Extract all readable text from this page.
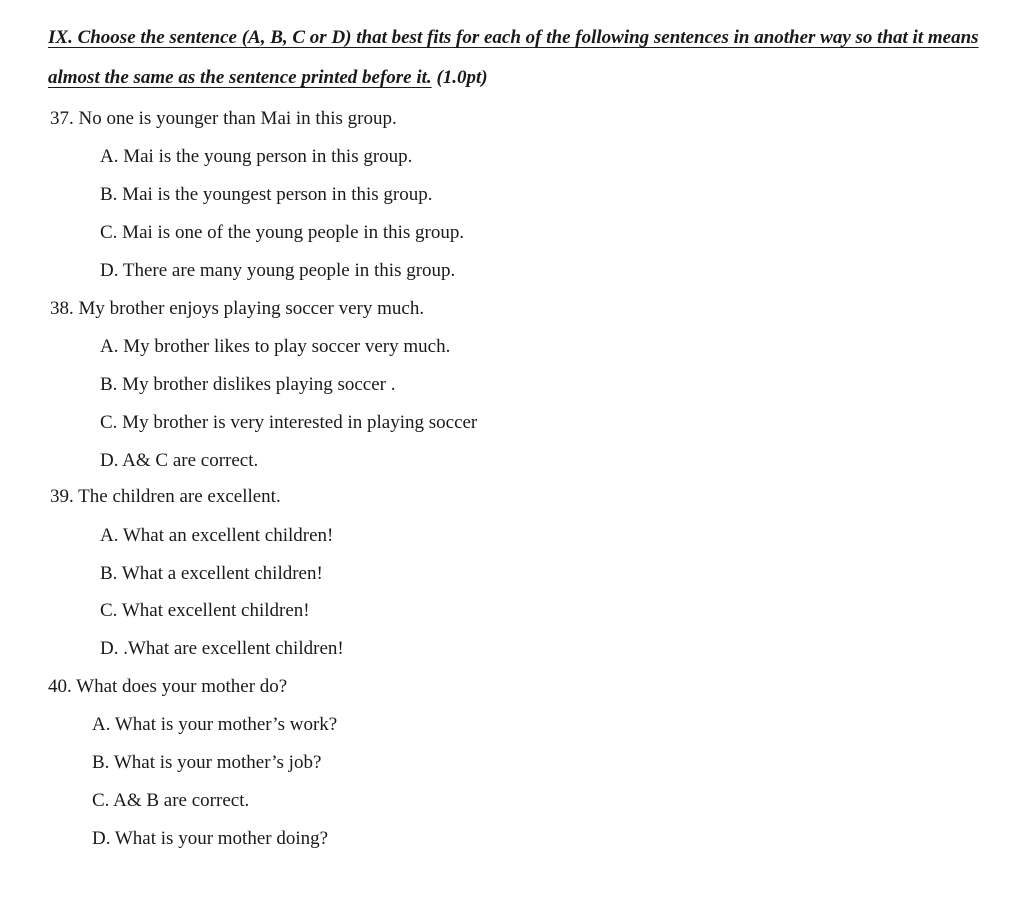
IX. Choose the sentence (A, B, C or D) that best fits for each of the following sentences in another way so that it means almost the same as the sentence printed before it. (1.0pt)
37. No one is younger than Mai in this group.
A. Mai is the young person in this group.
B. Mai is the youngest person in this group.
C. Mai is one of the young people in this group.
D. There are many young people in this group.
38. My brother enjoys playing soccer very much.
A. My brother likes to play soccer very much.
B. My brother dislikes playing soccer .
C. My brother is very interested in playing soccer
D. A& C are correct.
39. The children are excellent.
A. What an excellent children!
B. What a excellent children!
C. What excellent children!
D. .What are excellent children!
40. What does your mother do?
A. What is your mother’s work?
B. What is your mother’s job?
C. A& B are correct.
D. What is your mother doing?
